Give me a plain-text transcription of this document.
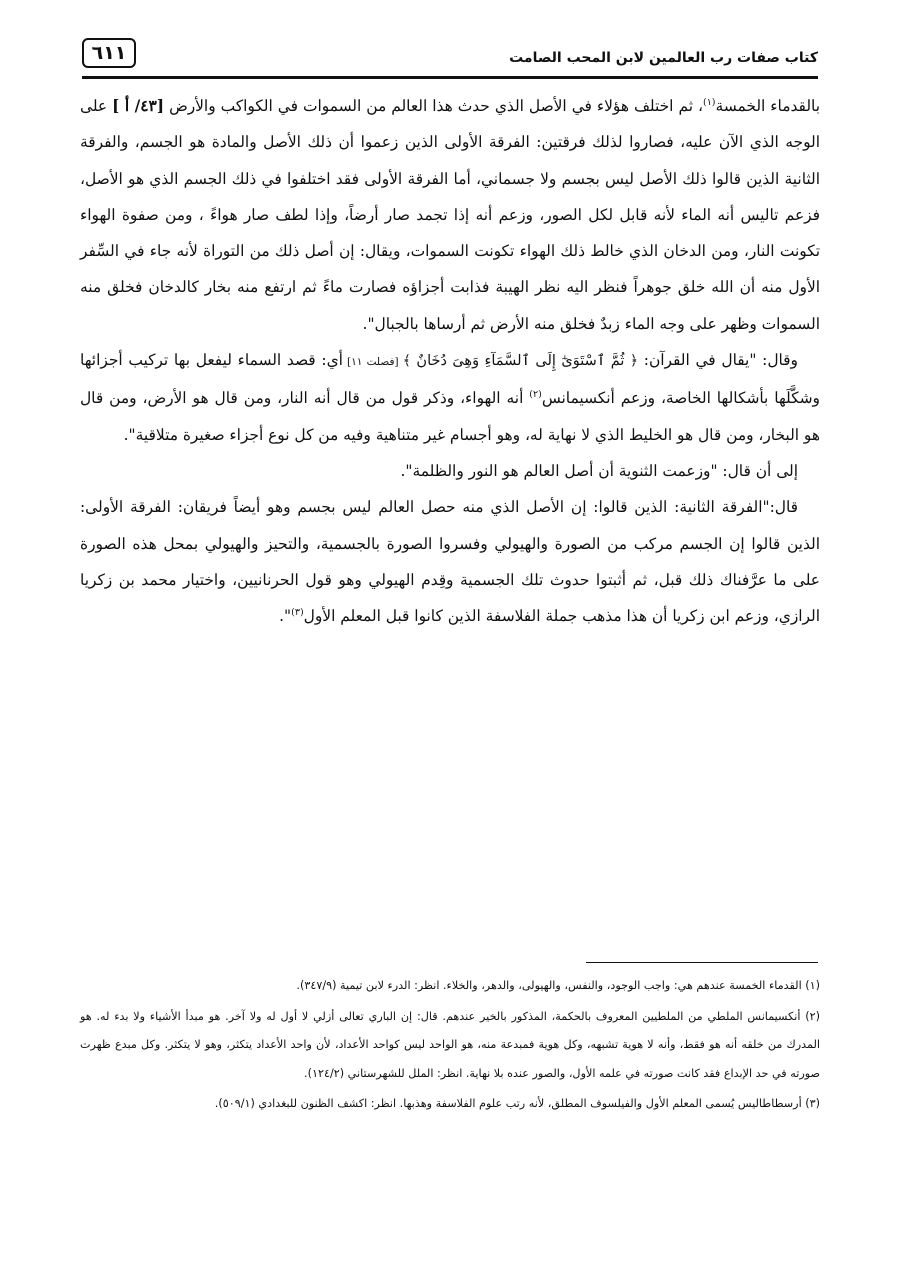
٦١١	كتاب صفات رب العالمين لابن المحب الصامت

بالقدماء الخمسة$^{(١)}$، ثم اختلف هؤلاء في الأصل الذي حدث هذا العالم من السموات في الكواكب والأرض [٤٣/ أ ] على الوجه الذي الآن عليه، فصاروا لذلك فرقتين: الفرقة الأولى الذين زعموا أن ذلك الأصل والمادة هو الجسم، والفرقة الثانية الذين قالوا ذلك الأصل ليس بجسم ولا جسماني، أما الفرقة الأولى فقد اختلفوا في ذلك الجسم الذي هو الأصل، فزعم تاليس أنه الماء لأنه قابل لكل الصور، وزعم أنه إذا تجمد صار أرضاً، وإذا لطف صار هواءً ، ومن صفوة الهواء تكونت النار، ومن الدخان الذي خالط ذلك الهواء تكونت السموات، ويقال: إن أصل ذلك من التوراة لأنه جاء في السِّفر الأول منه أن الله خلق جوهراً فنظر اليه نظر الهيبة فذابت أجزاؤه فصارت ماءً ثم ارتفع منه بخار كالدخان فخلق منه السموات وظهر على وجه الماء زبدٌ فخلق منه الأرض ثم أرساها بالجبال".

وقال: "يقال في القرآن: ﴿ ثُمَّ ٱسْتَوَىٰٓ إِلَى ٱلسَّمَآءِ وَهِىَ دُخَانٌ ﴾ [فصلت ١١] أي: قصد السماء ليفعل بها تركيب أجزائها وشكَّلَها بأشكالها الخاصة، وزعم أنكسيمانس$^{(٢)}$ أنه الهواء، وذكر قول من قال أنه النار، ومن قال هو الأرض، ومن قال هو البخار، ومن قال هو الخليط الذي لا نهاية له، وهو أجسام غير متناهية وفيه من كل نوع أجزاء صغيرة متلاقية".

إلى أن قال: "وزعمت الثنوية أن أصل العالم هو النور والظلمة".

قال:"الفرقة الثانية: الذين قالوا: إن الأصل الذي منه حصل العالم ليس بجسم وهو أيضاً فريقان: الفرقة الأولى: الذين قالوا إن الجسم مركب من الصورة والهيولي وفسروا الصورة بالجسمية، والتحيز والهيولي بمحل هذه الصورة على ما عرَّفناك ذلك قبل، ثم أثبتوا حدوث تلك الجسمية وقِدم الهيولي وهو قول الحرنانيين، واختيار محمد بن زكريا الرازي، وزعم ابن زكريا أن هذا مذهب جملة الفلاسفة الذين كانوا قبل المعلم الأول$^{(٣)}$".

(١) القدماء الخمسة عندهم هي: واجب الوجود، والنفس، والهيولى، والدهر، والخلاء. انظر: الدرء لابن تيمية (٣٤٧/٩).

(٢) أنكسيمانس الملطي من الملطيين المعروف بالحكمة، المذكور بالخير عندهم. قال: إن الباري تعالى أزلي لا أول له ولا آخر. هو مبدأ الأشياء ولا بدء له. هو المدرك من خلقه أنه هو فقط، وأنه لا هوية تشبهه، وكل هوية فمبدعة منه، هو الواحد ليس كواحد الأعداد، لأن واحد الأعداد يتكثر، وهو لا يتكثر. وكل مبدع ظهرت صورته في حد الإبداع فقد كانت صورته في علمه الأول، والصور عنده بلا نهاية. انظر: الملل للشهرستاني (١٢٤/٢).

(٣) أرسطاطاليس يُسمى المعلم الأول والفيلسوف المطلق، لأنه رتب علوم الفلاسفة وهذبها. انظر: اكشف الظنون للبغدادي (٥٠٩/١).
